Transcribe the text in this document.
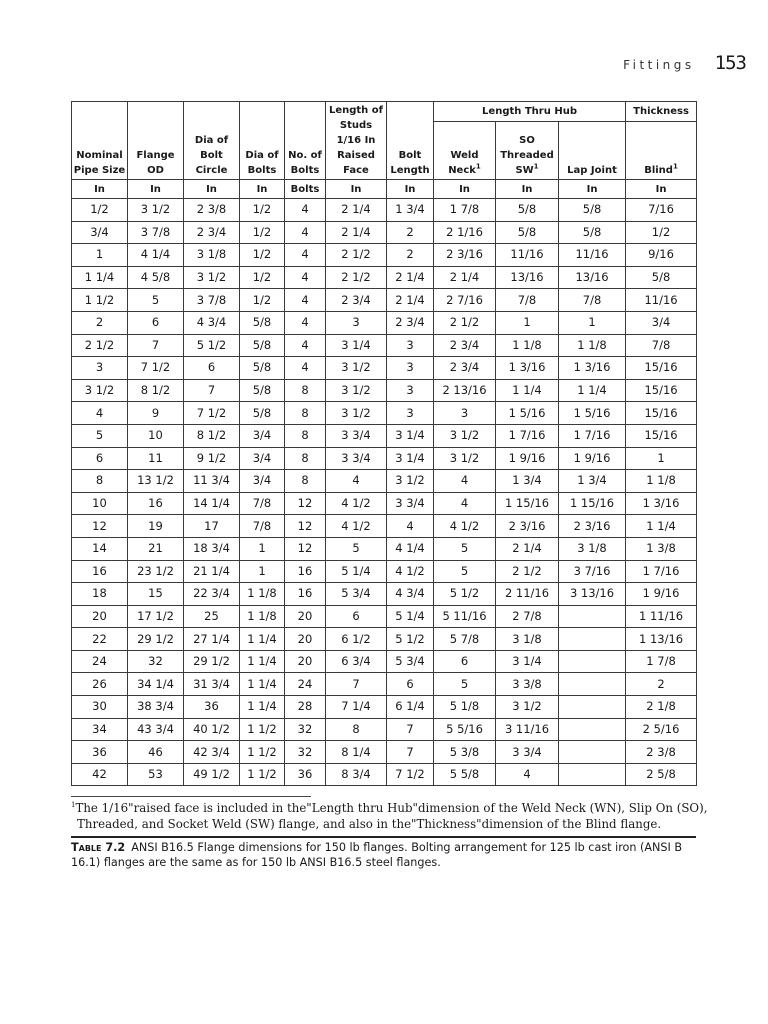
Fittings 153
Nominal Pipe Size	Flange OD	Dia of Bolt Circle	Dia of Bolts	No. of Bolts	Length of Studs 1/16 In Raised Face	Bolt Length	Length Thru Hub			Thickness
							Weld Neck$^1$	SO Threaded $SW^1$	Lap Joint	Blind$^1$
In	In	In	In	Bolts	In	In	In	In	In	In
1/2	3 1/2	2 3/8	1/2	4	2 1/4	1 3/4	1 7/8	5/8	5/8	7/16
3/4	3 7/8	2 3/4	1/2	4	2 1/4	2	2 1/16	5/8	5/8	1/2
1	4 1/4	3 1/8	1/2	4	2 1/2	2	2 3/16	11/16	11/16	9/16
1 1/4	4 5/8	3 1/2	1/2	4	2 1/2	2 1/4	2 1/4	13/16	13/16	5/8
1 1/2	5	3 7/8	1/2	4	2 3/4	2 1/4	2 7/16	7/8	7/8	11/16
2	6	4 3/4	5/8	4	3	2 3/4	2 1/2	1	1	3/4
2 1/2	7	5 1/2	5/8	4	3 1/4	3	2 3/4	1 1/8	1 1/8	7/8
3	7 1/2	6	5/8	4	3 1/2	3	2 3/4	1 3/16	1 3/16	15/16
3 1/2	8 1/2	7	5/8	8	3 1/2	3	2 13/16	1 1/4	1 1/4	15/16
4	9	7 1/2	5/8	8	3 1/2	3	3	1 5/16	1 5/16	15/16
5	10	8 1/2	3/4	8	3 3/4	3 1/4	3 1/2	1 7/16	1 7/16	15/16
6	11	9 1/2	3/4	8	3 3/4	3 1/4	3 1/2	1 9/16	1 9/16	1
8	13 1/2	11 3/4	3/4	8	4	3 1/2	4	1 3/4	1 3/4	1 1/8
10	16	14 1/4	7/8	12	4 1/2	3 3/4	4	1 15/16	1 15/16	1 3/16
12	19	17	7/8	12	4 1/2	4	4 1/2	2 3/16	2 3/16	1 1/4
14	21	18 3/4	1	12	5	4 1/4	5	2 1/4	3 1/8	1 3/8
16	23 1/2	21 1/4	1	16	5 1/4	4 1/2	5	2 1/2	3 7/16	1 7/16
18	15	22 3/4	1 1/8	16	5 3/4	4 3/4	5 1/2	2 11/16	3 13/16	1 9/16
20	17 1/2	25	1 1/8	20	6	5 1/4	5 11/16	2 7/8		1 11/16
22	29 1/2	27 1/4	1 1/4	20	6 1/2	5 1/2	5 7/8	3 1/8		1 13/16
24	32	29 1/2	1 1/4	20	6 3/4	5 3/4	6	3 1/4		1 7/8
26	34 1/4	31 3/4	1 1/4	24	7	6	5	3 3/8		2
30	38 3/4	36	1 1/4	28	7 1/4	6 1/4	5 1/8	3 1/2		2 1/8
34	43 3/4	40 1/2	1 1/2	32	8	7	5 5/16	3 11/16		2 5/16
36	46	42 3/4	1 1/2	32	8 1/4	7	5 3/8	3 3/4		2 3/8
42	53	49 1/2	1 1/2	36	8 3/4	7 1/2	5 5/8	4		2 5/8
$^1$The 1/16"raised face is included in the"Length thru Hub"dimension of the Weld Neck (WN), Slip On (SO),
Threaded, and Socket Weld (SW) flange, and also in the"Thickness"dimension of the Blind flange.
Table 7.2 ANSI B16.5 Flange dimensions for 150 lb flanges. Bolting arrangement for 125 lb cast iron (ANSI B 16.1) flanges are the same as for 150 lb ANSI B16.5 steel flanges.
